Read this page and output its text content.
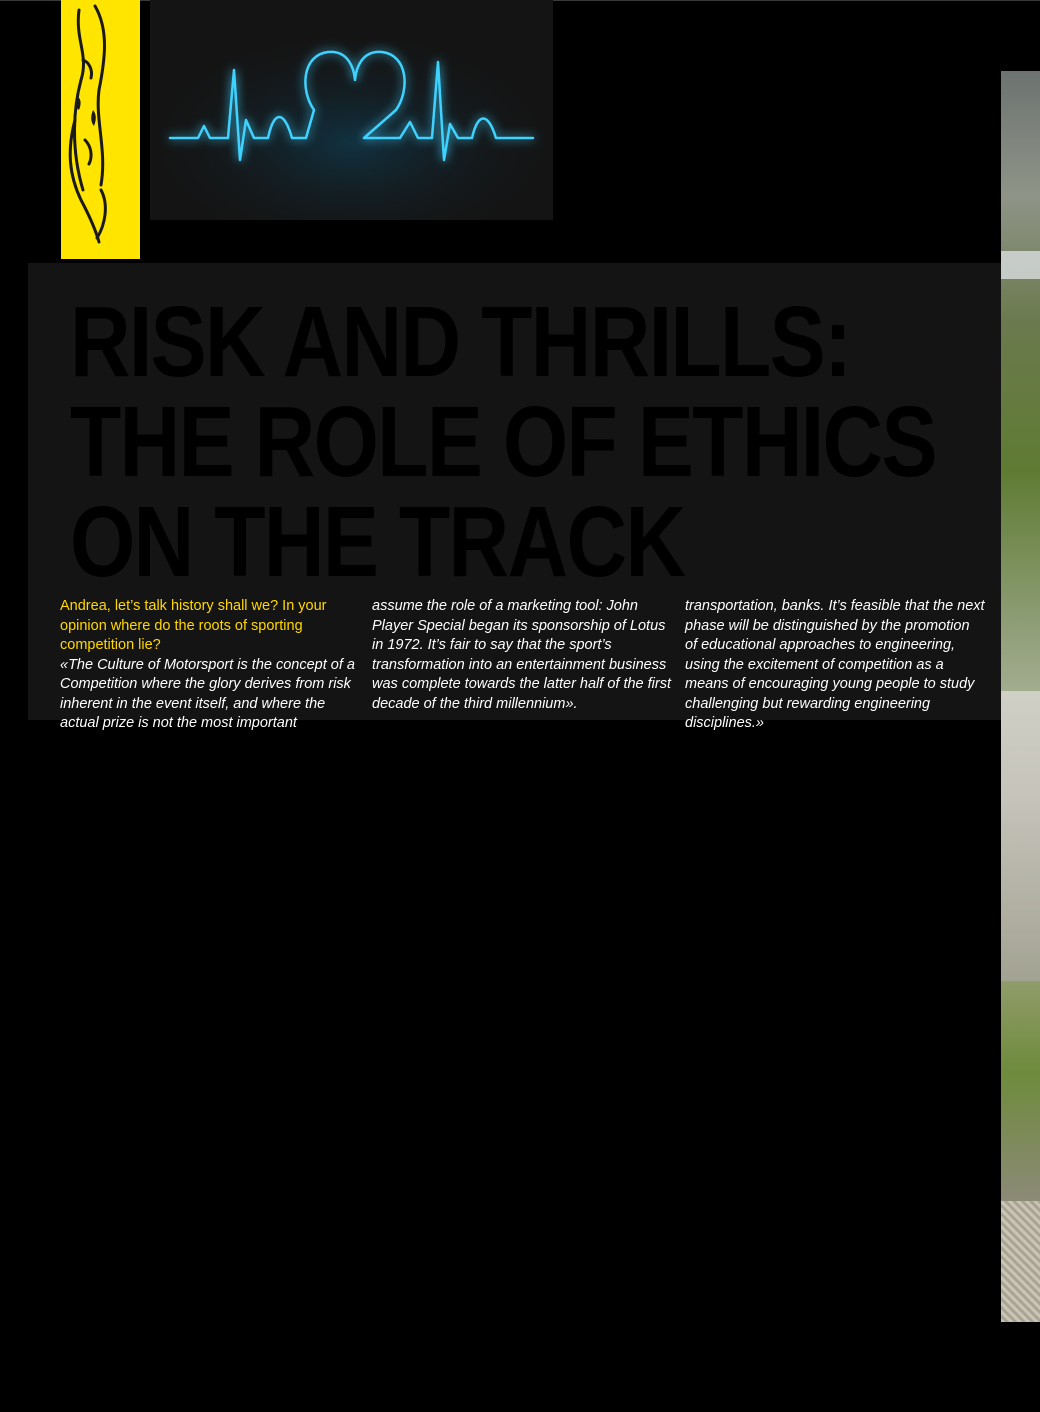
RISK AND THRILLS:
THE ROLE OF ETHICS
ON THE TRACK
Andrea, let’s talk history shall we? In your opinion where do the roots of sporting competition lie?
«The Culture of Motorsport is the concept of a Competition where the glory derives from risk inherent in the event itself, and where the actual prize is not the most important
assume the role of a marketing tool: John Player Special began its sponsorship of Lotus in 1972. It’s fair to say that the sport’s transformation into an entertainment business was complete towards the latter half of the first decade of the third millennium».
transportation, banks. It’s feasible that the next phase will be distinguished by the promotion of educational approaches to engineering, using the excitement of competition as a means of encouraging young people to study challenging but rewarding engineering disciplines.»
